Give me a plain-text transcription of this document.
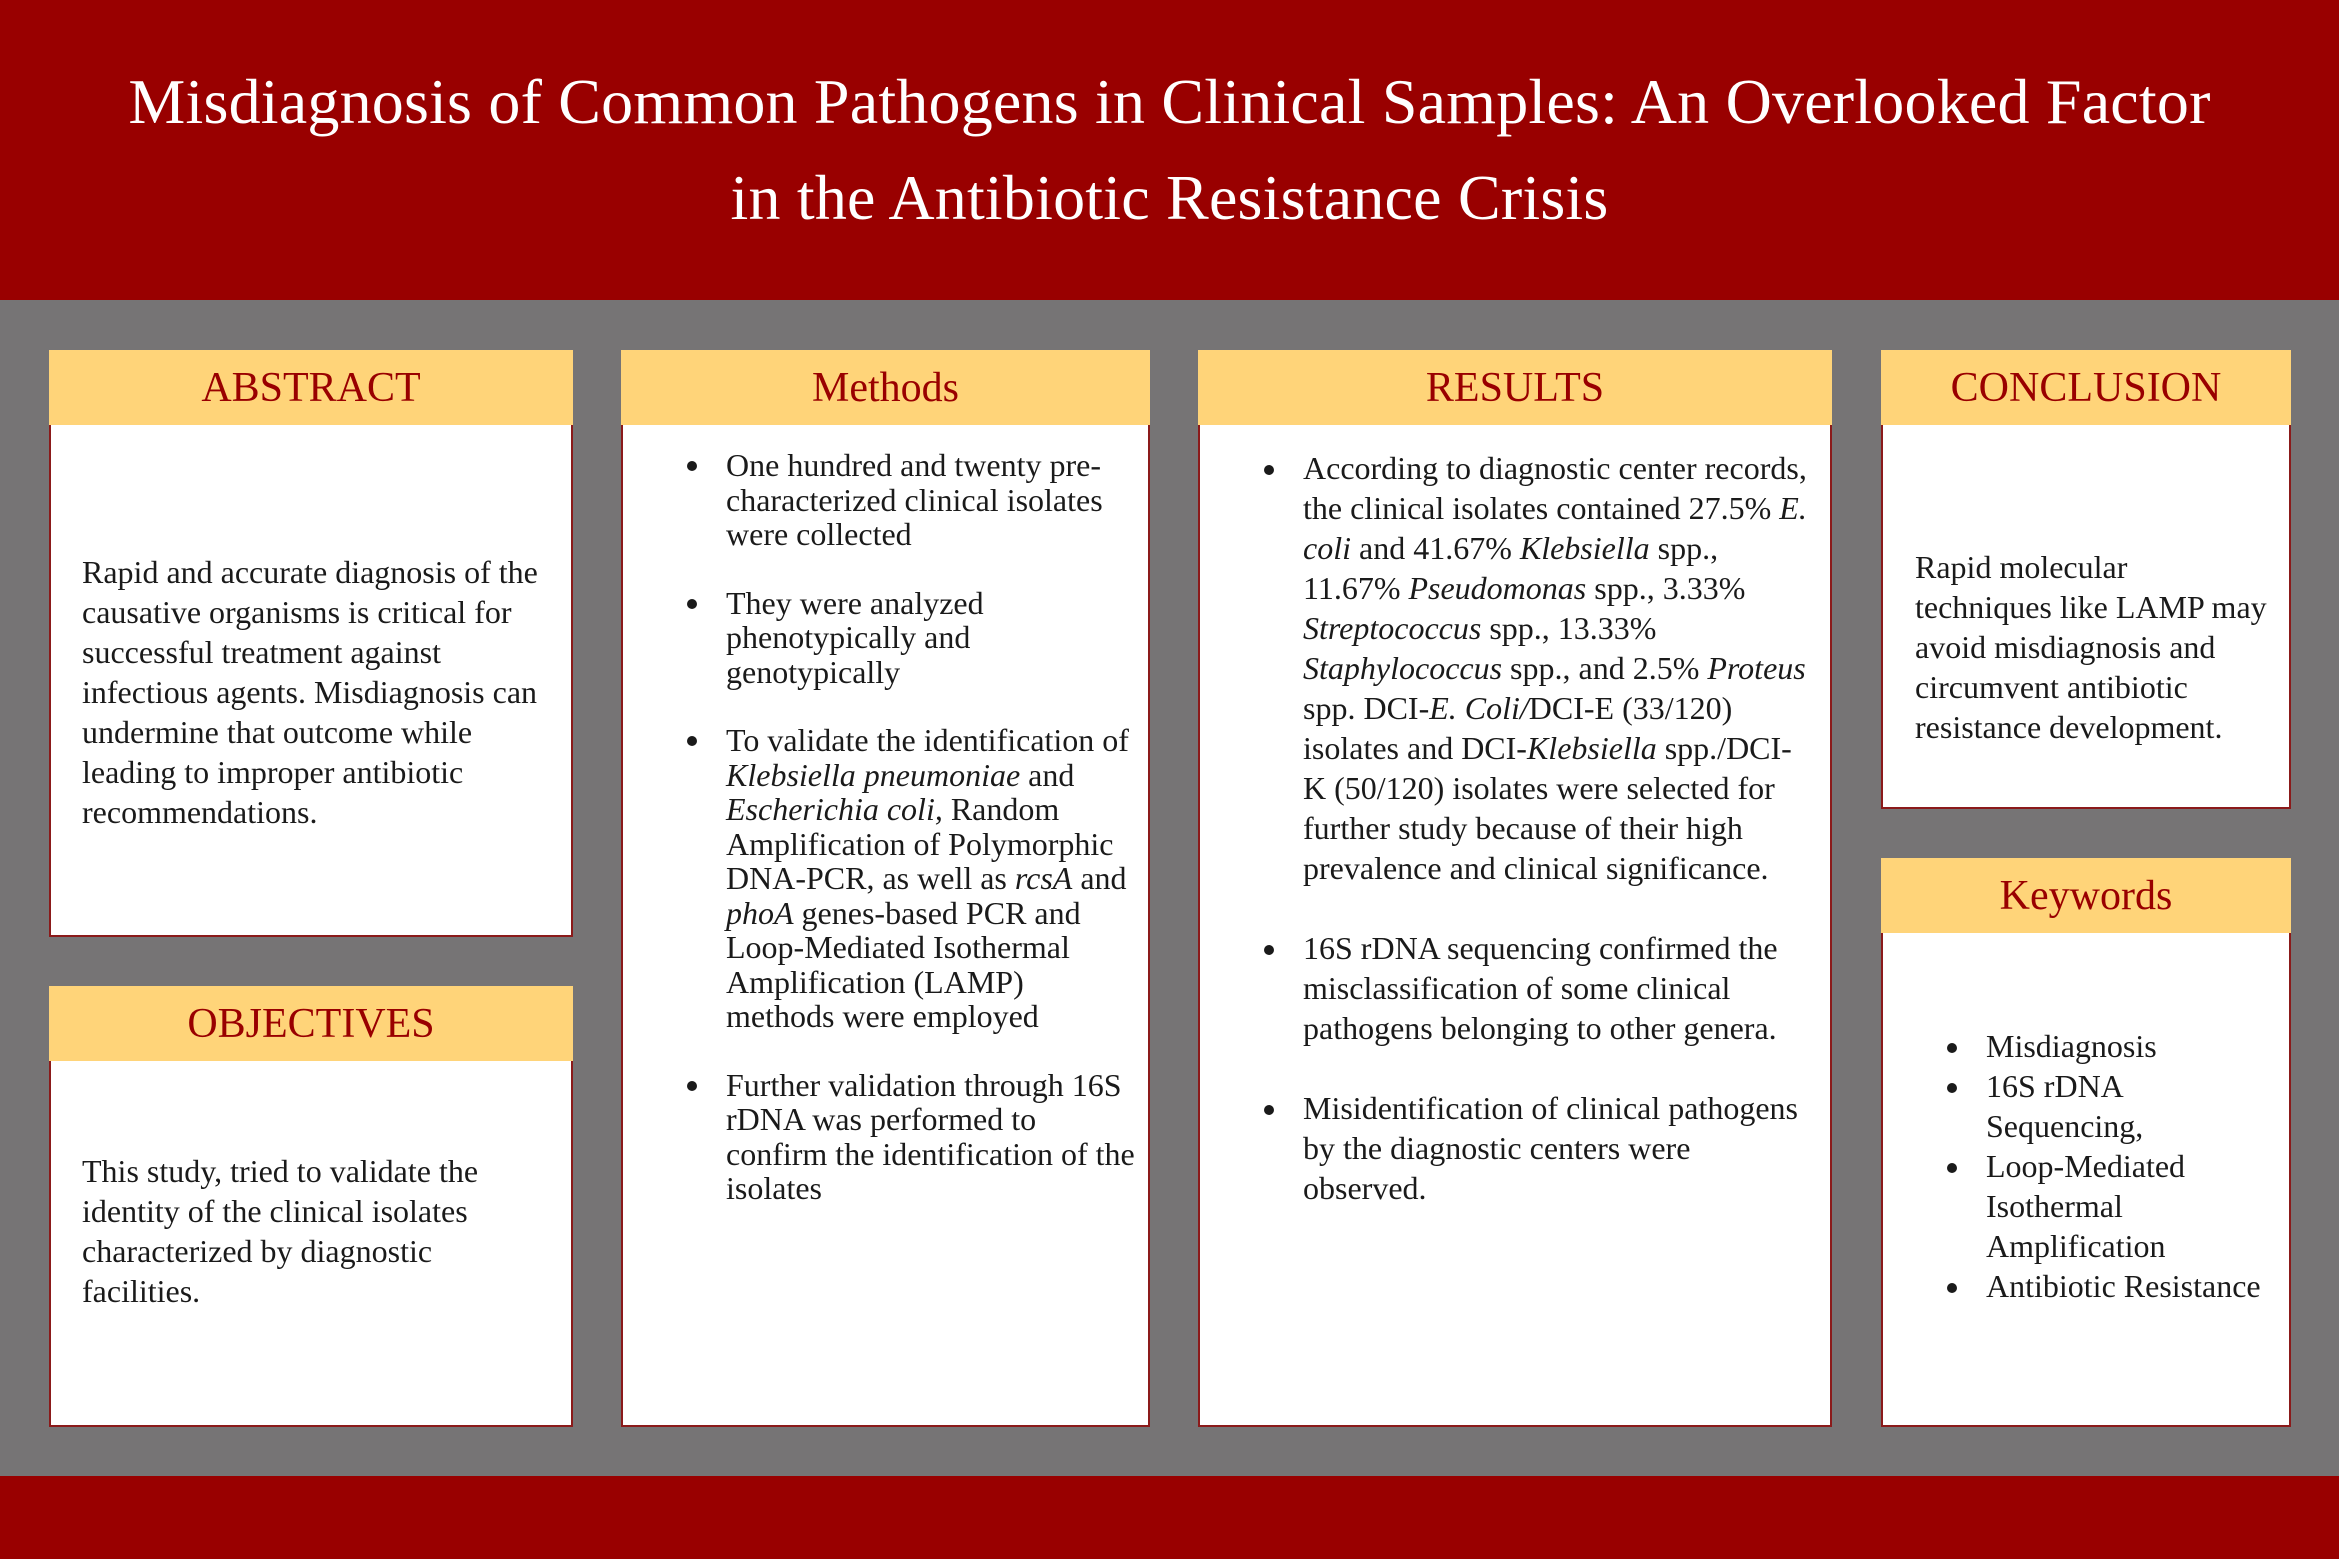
Misdiagnosis of Common Pathogens in Clinical Samples: An Overlooked Factor
in the Antibiotic Resistance Crisis
ABSTRACT

Rapid and accurate diagnosis of the causative organisms is critical for successful treatment against infectious agents. Misdiagnosis can undermine that outcome while leading to improper antibiotic recommendations.

OBJECTIVES

This study, tried to validate the identity of the clinical isolates characterized by diagnostic facilities.

Methods
One hundred and twenty pre-characterized clinical isolates were collected
They were analyzed phenotypically and genotypically
To validate the identification of Klebsiella pneumoniae and Escherichia coli, Random Amplification of Polymorphic DNA-PCR, as well as rcsA and phoA genes-based PCR and Loop-Mediated Isothermal Amplification (LAMP) methods were employed
Further validation through 16S rDNA was performed to confirm the identification of the isolates
RESULTS
According to diagnostic center records, the clinical isolates contained 27.5% E. coli and 41.67% Klebsiella spp., 11.67% Pseudomonas spp., 3.33% Streptococcus spp., 13.33% Staphylococcus spp., and 2.5% Proteus spp. DCI-E. Coli/DCI-E (33/120) isolates and DCI-Klebsiella spp./DCI-K (50/120) isolates were selected for further study because of their high prevalence and clinical significance.
16S rDNA sequencing confirmed the misclassification of some clinical pathogens belonging to other genera.
Misidentification of clinical pathogens by the diagnostic centers were observed.
CONCLUSION

Rapid molecular techniques like LAMP may avoid misdiagnosis and circumvent antibiotic resistance development.

Keywords
Misdiagnosis
16S rDNA Sequencing,
Loop-Mediated Isothermal Amplification
Antibiotic Resistance
